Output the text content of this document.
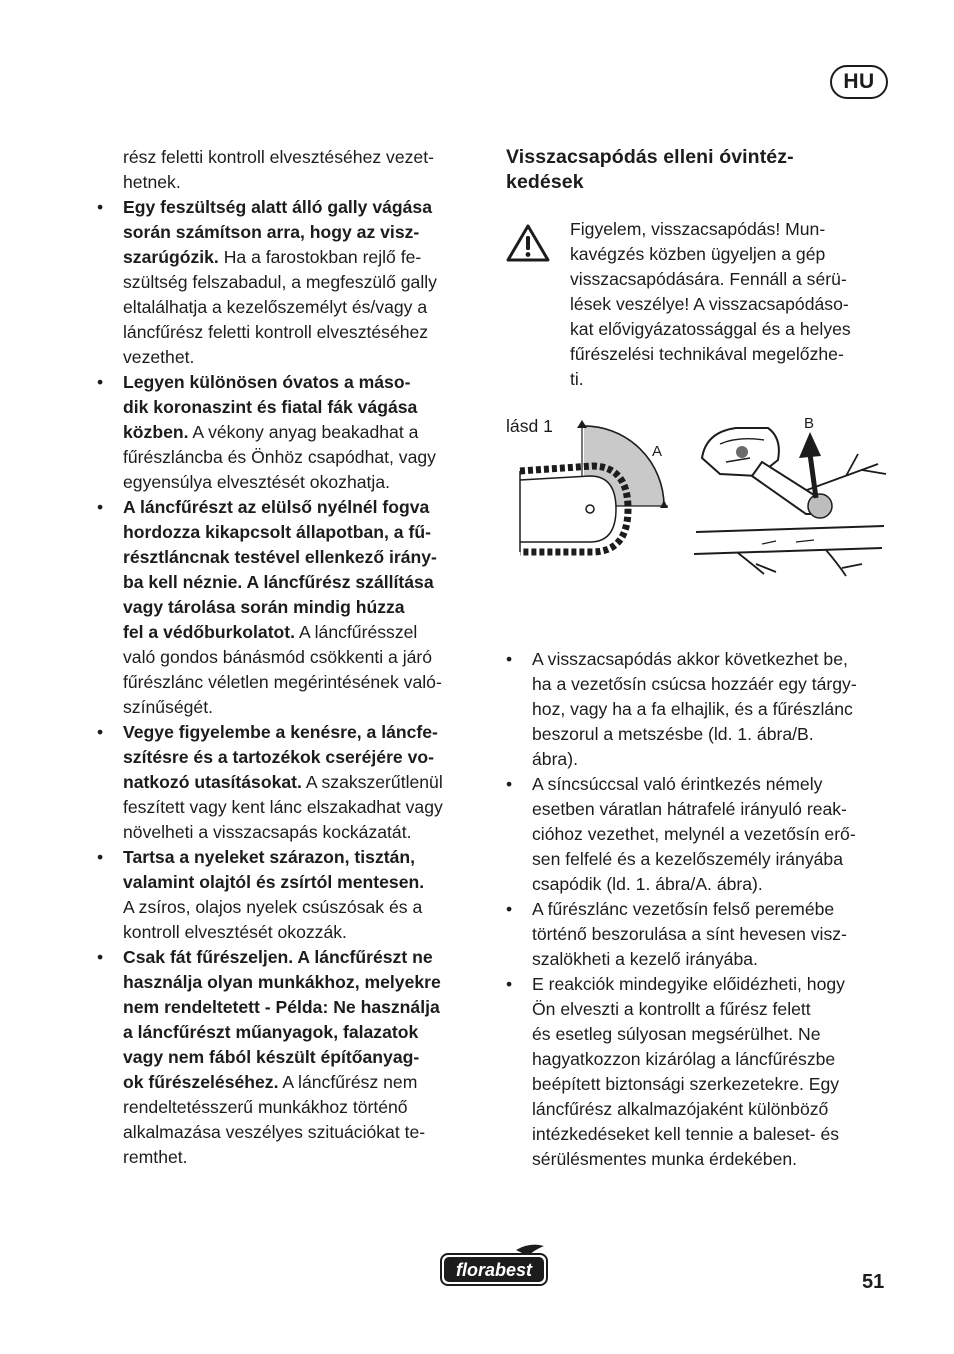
HU

rész feletti kontroll elvesztéséhez vezet-
hetnek.

• Egy feszültség alatt álló gally vágása
során számítson arra, hogy az visz-
szarúgózik. Ha a farostokban rejlő fe-
szültség felszabadul, a megfeszülő gally
eltalálhatja a kezelőszemélyt és/vagy a
láncfűrész feletti kontroll elvesztéséhez
vezethet.
• Legyen különösen óvatos a máso-
dik koronaszint és fiatal fák vágása
közben. A vékony anyag beakadhat a
fűrészláncba és Önhöz csapódhat, vagy
egyensúlya elvesztését okozhatja.
• A láncfűrészt az elülső nyélnél fogva
hordozza kikapcsolt állapotban, a fű-
résztláncnak testével ellenkező irány-
ba kell néznie. A láncfűrész szállítása
vagy tárolása során mindig húzza
fel a védőburkolatot. A láncfűrésszel
való gondos bánásmód csökkenti a járó
fűrészlánc véletlen megérintésének való-
színűségét.
• Vegye figyelembe a kenésre, a láncfe-
szítésre és a tartozékok cseréjére vo-
natkozó utasításokat. A szakszerűtlenül
feszített vagy kent lánc elszakadhat vagy
növelheti a visszacsapás kockázatát.
• Tartsa a nyeleket szárazon, tisztán,
valamint olajtól és zsírtól mentesen.
A zsíros, olajos nyelek csúszósak és a
kontroll elvesztését okozzák.
• Csak fát fűrészeljen. A láncfűrészt ne
használja olyan munkákhoz, melyekre
nem rendeltetett - Példa: Ne használja
a láncfűrészt műanyagok, falazatok
vagy nem fából készült építőanyag-
ok fűrészeléséhez. A láncfűrész nem
rendeltetésszerű munkákhoz történő
alkalmazása veszélyes szituációkat te-
remthet.
Visszacsapódás elleni óvintéz-
kedések
Figyelem, visszacsapódás! Mun-
kavégzés közben ügyeljen a gép
visszacsapódására. Fennáll a sérü-
lések veszélye! A visszacsapódáso-
kat elővigyázatossággal és a helyes
fűrészelési technikával megelőzhe-
ti.
A
B
lásd 1
• A visszacsapódás akkor következhet be,
ha a vezetősín csúcsa hozzáér egy tárgy-
hoz, vagy ha a fa elhajlik, és a fűrészlánc
beszorul a metszésbe (ld. 1. ábra/B.
ábra).
• A síncsúccsal való érintkezés némely
esetben váratlan hátrafelé irányuló reak-
cióhoz vezethet, melynél a vezetősín erő-
sen felfelé és a kezelőszemély irányába
csapódik (ld. 1. ábra/A. ábra).
• A fűrészlánc vezetősín felső peremébe
történő beszorulása a sínt hevesen visz-
szalökheti a kezelő irányába.
• E reakciók mindegyike előidézheti, hogy
Ön elveszti a kontrollt a fűrész felett
és esetleg súlyosan megsérülhet. Ne
hagyatkozzon kizárólag a láncfűrészbe
beépített biztonsági szerkezetekre. Egy
láncfűrész alkalmazójaként különböző
intézkedéseket kell tennie a baleset- és
sérülésmentes munka érdekében.
florabest
51
